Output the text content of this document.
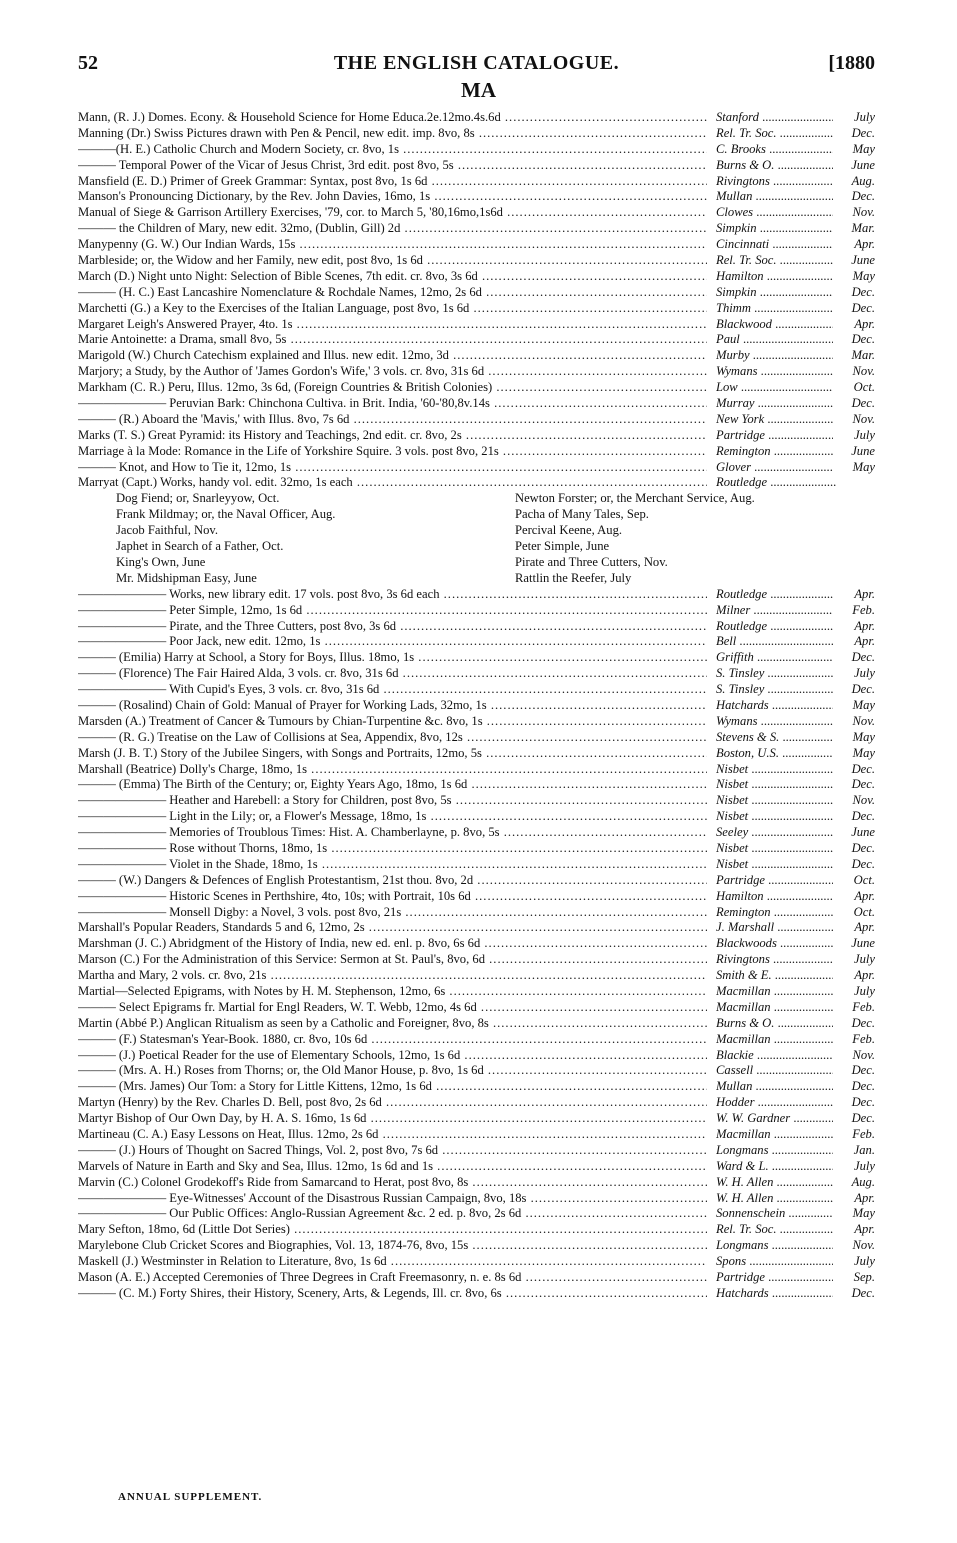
52	THE ENGLISH CATALOGUE.	[1880
MA
Mann, (R. J.) Domes. Econy. & Household Science for Home Educa.2e.12mo.4s.6d .....	Stanford .....	July
Manning (Dr.) Swiss Pictures drawn with Pen & Pencil, new edit. imp. 8vo, 8s .....	Rel. Tr. Soc. .....	Dec.
———(H. E.) Catholic Church and Modern Society, cr. 8vo, 1s .....	C. Brooks .....	May
——— Temporal Power of the Vicar of Jesus Christ, 3rd edit. post 8vo, 5s .....	Burns & O. .....	June
Mansfield (E. D.) Primer of Greek Grammar: Syntax, post 8vo, 1s 6d .....	Rivingtons .....	Aug.
Manson's Pronouncing Dictionary, by the Rev. John Davies, 16mo, 1s .....	Mullan .....	Dec.
Manual of Siege & Garrison Artillery Exercises, '79, cor. to March 5, '80,16mo,1s6d .....	Clowes .....	Nov.
——— the Children of Mary, new edit. 32mo, (Dublin, Gill) 2d .....	Simpkin .....	Mar.
Manypenny (G. W.) Our Indian Wards, 15s .....	Cincinnati .....	Apr.
Marbleside; or, the Widow and her Family, new edit, post 8vo, 1s 6d .....	Rel. Tr. Soc. .....	June
March (D.) Night unto Night: Selection of Bible Scenes, 7th edit. cr. 8vo, 3s 6d .....	Hamilton .....	May
——— (H. C.) East Lancashire Nomenclature & Rochdale Names, 12mo, 2s 6d .....	Simpkin .....	Dec.
Marchetti (G.) a Key to the Exercises of the Italian Language, post 8vo, 1s 6d .....	Thimm .....	Dec.
Margaret Leigh's Answered Prayer, 4to. 1s .....	Blackwood .....	Apr.
Marie Antoinette: a Drama, small 8vo, 5s .....	Paul .....	Dec.
Marigold (W.) Church Catechism explained and Illus. new edit. 12mo, 3d .....	Murby .....	Mar.
Marjory; a Study, by the Author of 'James Gordon's Wife,' 3 vols. cr. 8vo, 31s 6d .....	Wymans .....	Nov.
Markham (C. R.) Peru, Illus. 12mo, 3s 6d, (Foreign Countries & British Colonies) .....	Low .....	Oct.
——————— Peruvian Bark: Chinchona Cultiva. in Brit. India, '60-'80,8v.14s .....	Murray .....	Dec.
——— (R.) Aboard the 'Mavis,' with Illus. 8vo, 7s 6d .....	New York .....	Nov.
Marks (T. S.) Great Pyramid: its History and Teachings, 2nd edit. cr. 8vo, 2s .....	Partridge .....	July
Marriage à la Mode: Romance in the Life of Yorkshire Squire. 3 vols. post 8vo, 21s .....	Remington .....	June
——— Knot, and How to Tie it, 12mo, 1s .....	Glover .....	May
Marryat (Capt.) Works, handy vol. edit. 32mo, 1s each .....	Routledge .....
Dog Fiend; or, Snarleyyow, Oct.	Newton Forster; or, the Merchant Service, Aug.
Frank Mildmay; or, the Naval Officer, Aug.	Pacha of Many Tales, Sep.
Jacob Faithful, Nov.	Percival Keene, Aug.
Japhet in Search of a Father, Oct.	Peter Simple, June
King's Own, June	Pirate and Three Cutters, Nov.
Mr. Midshipman Easy, June	Rattlin the Reefer, July
——————— Works, new library edit. 17 vols. post 8vo, 3s 6d each .....	Routledge .....	Apr.
——————— Peter Simple, 12mo, 1s 6d .....	Milner .....	Feb.
——————— Pirate, and the Three Cutters, post 8vo, 3s 6d .....	Routledge .....	Apr.
——————— Poor Jack, new edit. 12mo, 1s .....	Bell .....	Apr.
——— (Emilia) Harry at School, a Story for Boys, Illus. 18mo, 1s .....	Griffith .....	Dec.
——— (Florence) The Fair Haired Alda, 3 vols. cr. 8vo, 31s 6d .....	S. Tinsley .....	July
——————— With Cupid's Eyes, 3 vols. cr. 8vo, 31s 6d .....	S. Tinsley .....	Dec.
——— (Rosalind) Chain of Gold: Manual of Prayer for Working Lads, 32mo, 1s .....	Hatchards .....	May
Marsden (A.) Treatment of Cancer & Tumours by Chian-Turpentine &c. 8vo, 1s .....	Wymans .....	Nov.
——— (R. G.) Treatise on the Law of Collisions at Sea, Appendix, 8vo, 12s .....	Stevens & S. .....	May
Marsh (J. B. T.) Story of the Jubilee Singers, with Songs and Portraits, 12mo, 5s .....	Boston, U.S. .....	May
Marshall (Beatrice) Dolly's Charge, 18mo, 1s .....	Nisbet .....	Dec.
——— (Emma) The Birth of the Century; or, Eighty Years Ago, 18mo, 1s 6d .....	Nisbet .....	Dec.
——————— Heather and Harebell: a Story for Children, post 8vo, 5s .....	Nisbet .....	Nov.
——————— Light in the Lily; or, a Flower's Message, 18mo, 1s .....	Nisbet .....	Dec.
——————— Memories of Troublous Times: Hist. A. Chamberlayne, p. 8vo, 5s .....	Seeley .....	June
——————— Rose without Thorns, 18mo, 1s .....	Nisbet .....	Dec.
——————— Violet in the Shade, 18mo, 1s .....	Nisbet .....	Dec.
——— (W.) Dangers & Defences of English Protestantism, 21st thou. 8vo, 2d .....	Partridge .....	Oct.
——————— Historic Scenes in Perthshire, 4to, 10s; with Portrait, 10s 6d .....	Hamilton .....	Apr.
——————— Monsell Digby: a Novel, 3 vols. post 8vo, 21s .....	Remington .....	Oct.
Marshall's Popular Readers, Standards 5 and 6, 12mo, 2s .....	J. Marshall .....	Apr.
Marshman (J. C.) Abridgment of the History of India, new ed. enl. p. 8vo, 6s 6d .....	Blackwoods .....	June
Marson (C.) For the Administration of this Service: Sermon at St. Paul's, 8vo, 6d .....	Rivingtons .....	July
Martha and Mary, 2 vols. cr. 8vo, 21s .....	Smith & E. .....	Apr.
Martial—Selected Epigrams, with Notes by H. M. Stephenson, 12mo, 6s .....	Macmillan .....	July
——— Select Epigrams fr. Martial for Engl Readers, W. T. Webb, 12mo, 4s 6d .....	Macmillan .....	Feb.
Martin (Abbé P.) Anglican Ritualism as seen by a Catholic and Foreigner, 8vo, 8s .....	Burns & O. .....	Dec.
——— (F.) Statesman's Year-Book. 1880, cr. 8vo, 10s 6d .....	Macmillan .....	Feb.
——— (J.) Poetical Reader for the use of Elementary Schools, 12mo, 1s 6d .....	Blackie .....	Nov.
——— (Mrs. A. H.) Roses from Thorns; or, the Old Manor House, p. 8vo, 1s 6d .....	Cassell .....	Dec.
——— (Mrs. James) Our Tom: a Story for Little Kittens, 12mo, 1s 6d .....	Mullan .....	Dec.
Martyn (Henry) by the Rev. Charles D. Bell, post 8vo, 2s 6d .....	Hodder .....	Dec.
Martyr Bishop of Our Own Day, by H. A. S. 16mo, 1s 6d .....	W. W. Gardner .....	Dec.
Martineau (C. A.) Easy Lessons on Heat, Illus. 12mo, 2s 6d .....	Macmillan .....	Feb.
——— (J.) Hours of Thought on Sacred Things, Vol. 2, post 8vo, 7s 6d .....	Longmans .....	Jan.
Marvels of Nature in Earth and Sky and Sea, Illus. 12mo, 1s 6d and 1s .....	Ward & L. .....	July
Marvin (C.) Colonel Grodekoff's Ride from Samarcand to Herat, post 8vo, 8s .....	W. H. Allen .....	Aug.
——————— Eye-Witnesses' Account of the Disastrous Russian Campaign, 8vo, 18s .....	W. H. Allen .....	Apr.
——————— Our Public Offices: Anglo-Russian Agreement &c. 2 ed. p. 8vo, 2s 6d .....	Sonnenschein .....	May
Mary Sefton, 18mo, 6d (Little Dot Series) .....	Rel. Tr. Soc. .....	Apr.
Marylebone Club Cricket Scores and Biographies, Vol. 13, 1874-76, 8vo, 15s .....	Longmans .....	Nov.
Maskell (J.) Westminster in Relation to Literature, 8vo, 1s 6d .....	Spons .....	July
Mason (A. E.) Accepted Ceremonies of Three Degrees in Craft Freemasonry, n. e. 8s 6d .....	Partridge .....	Sep.
——— (C. M.) Forty Shires, their History, Scenery, Arts, & Legends, Ill. cr. 8vo, 6s .....	Hatchards .....	Dec.
ANNUAL SUPPLEMENT.
